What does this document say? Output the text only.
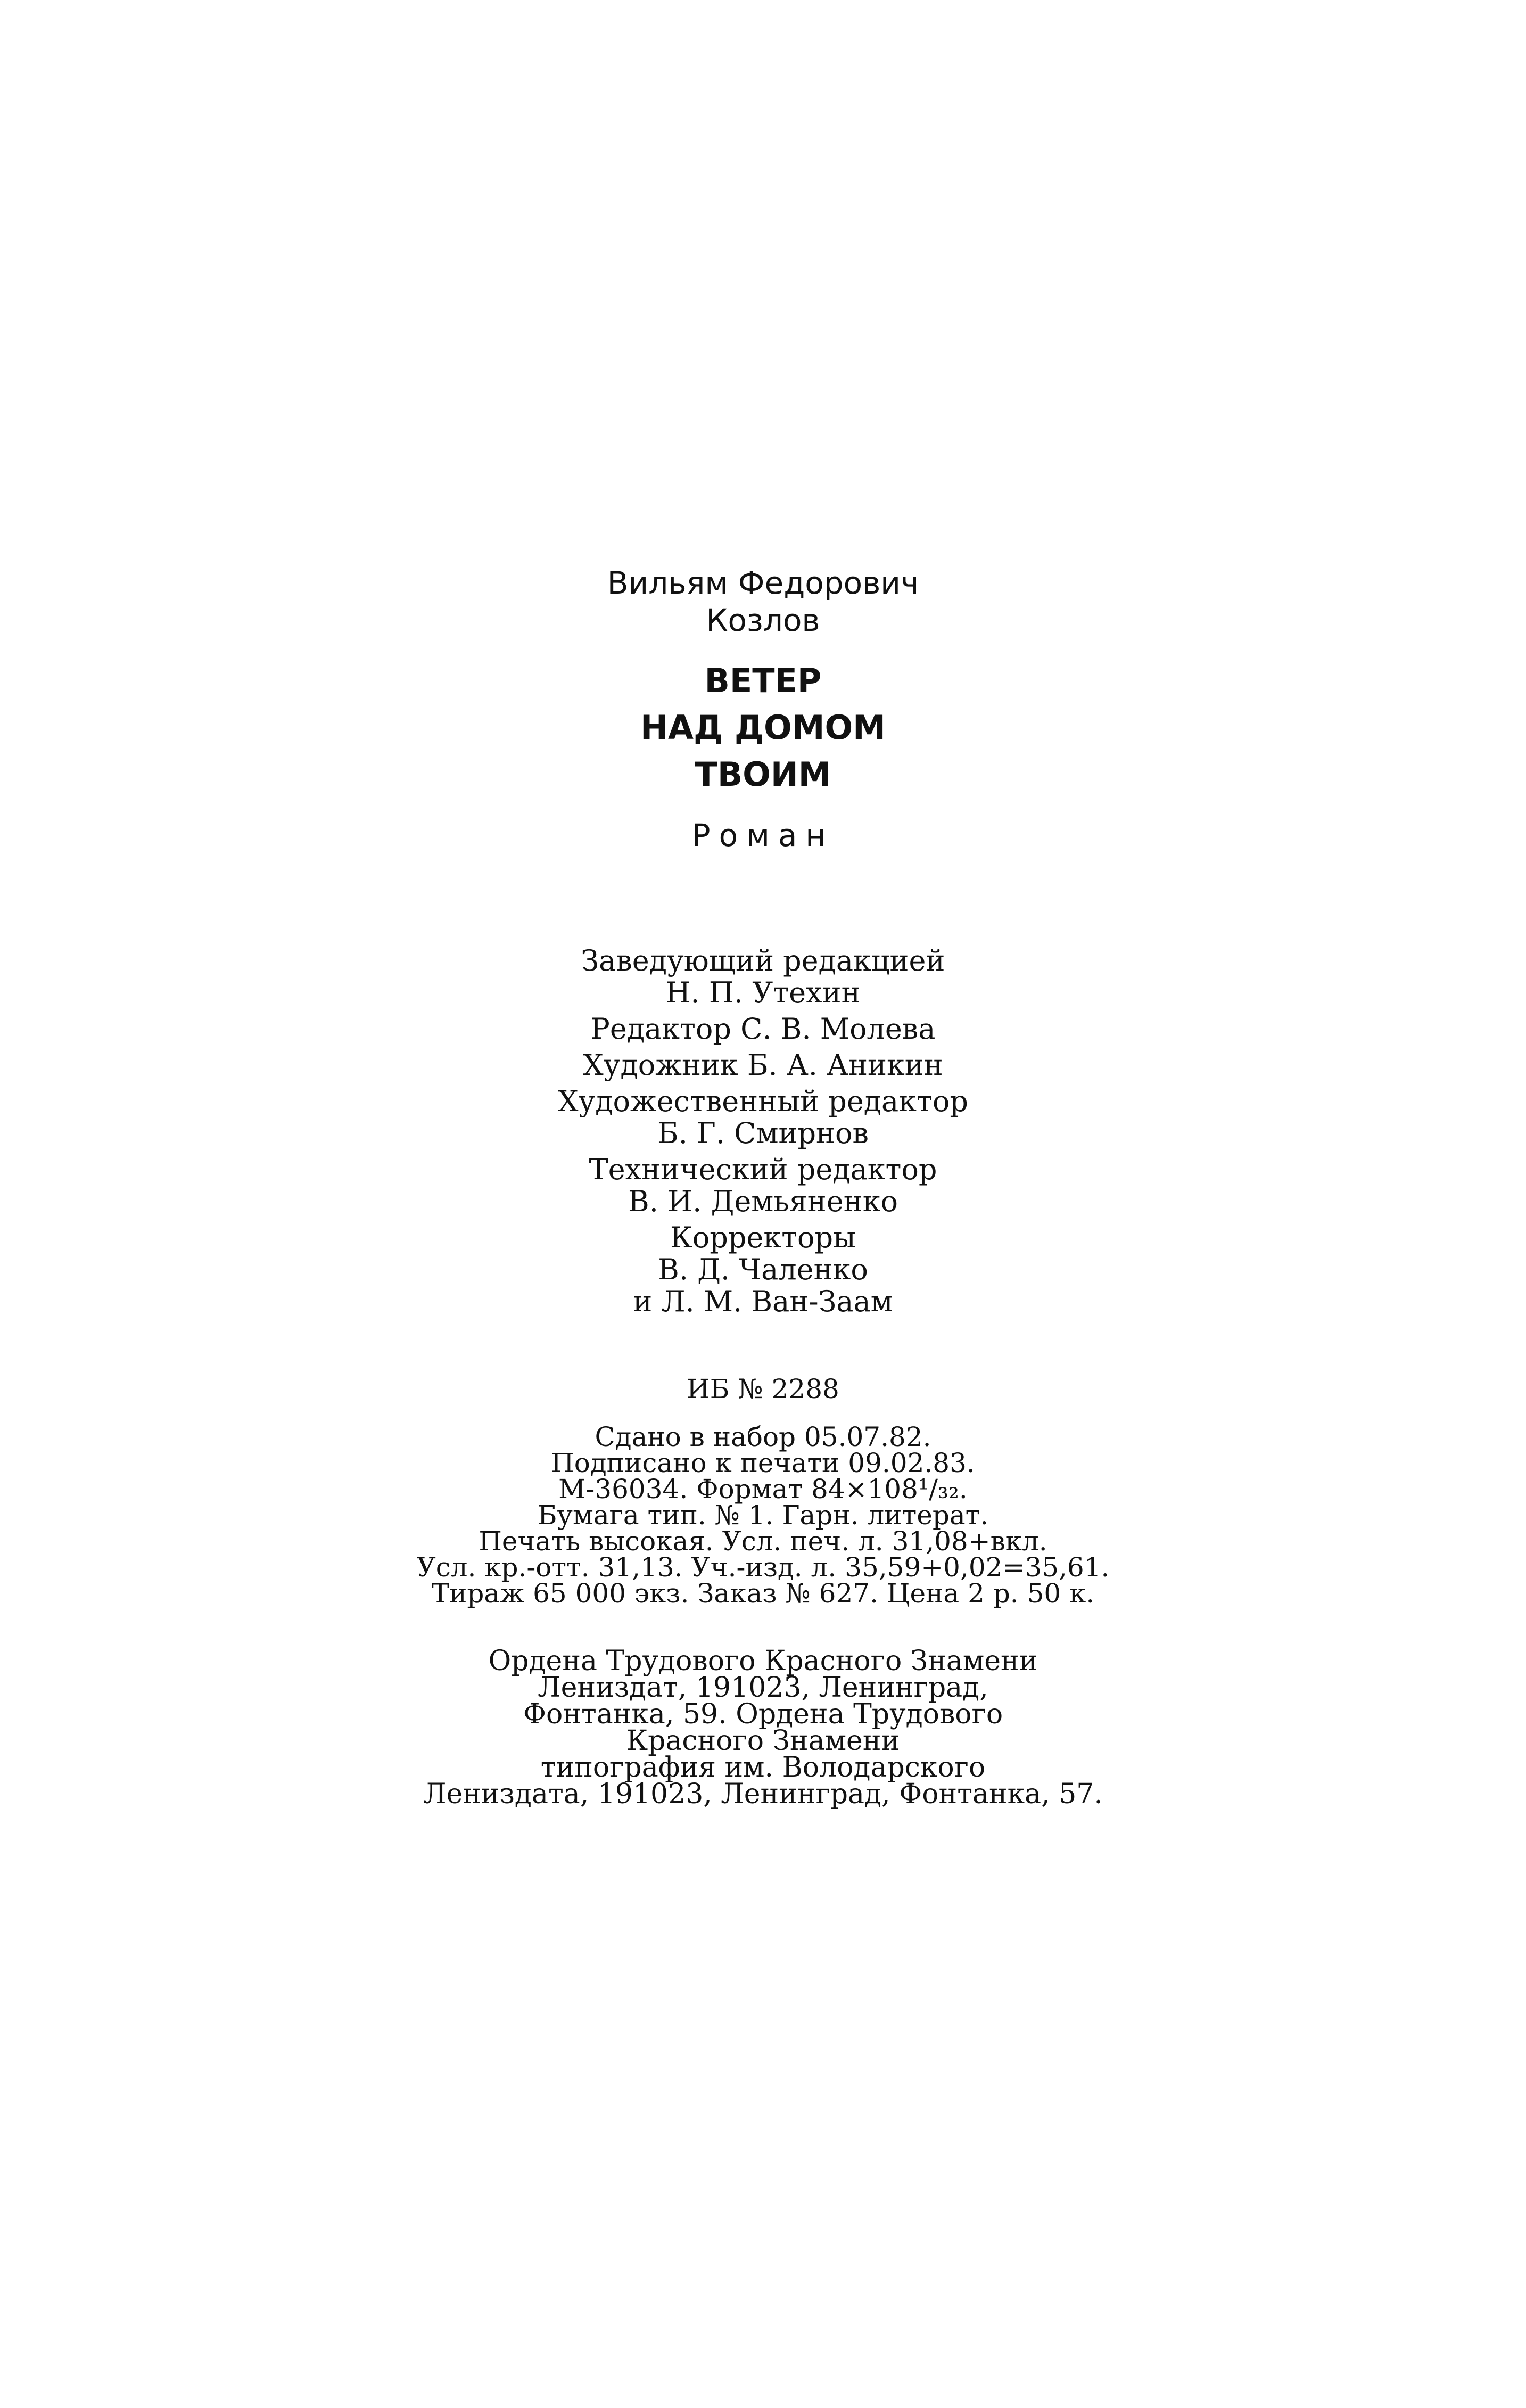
Вильям Федорович
Козлов
ВЕТЕР
НАД ДОМОМ
ТВОИМ
Роман
Заведующий редакцией
Н. П. Утехин
Редактор С. В. Молева
Художник Б. А. Аникин
Художественный редактор
Б. Г. Смирнов
Технический редактор
В. И. Демьяненко
Корректоры
В. Д. Чаленко
и Л. М. Ван-Заам
ИБ № 2288
Сдано в набор 05.07.82.
Подписано к печати 09.02.83.
М-36034. Формат 84×108¹/₃₂.
Бумага тип. № 1. Гарн. литерат.
Печать высокая. Усл. печ. л. 31,08+вкл.
Усл. кр.-отт. 31,13. Уч.-изд. л. 35,59+0,02=35,61.
Тираж 65 000 экз. Заказ № 627. Цена 2 р. 50 к.
Ордена Трудового Красного Знамени
Лениздат, 191023, Ленинград,
Фонтанка, 59. Ордена Трудового
Красного Знамени
типография им. Володарского
Лениздата, 191023, Ленинград, Фонтанка, 57.
